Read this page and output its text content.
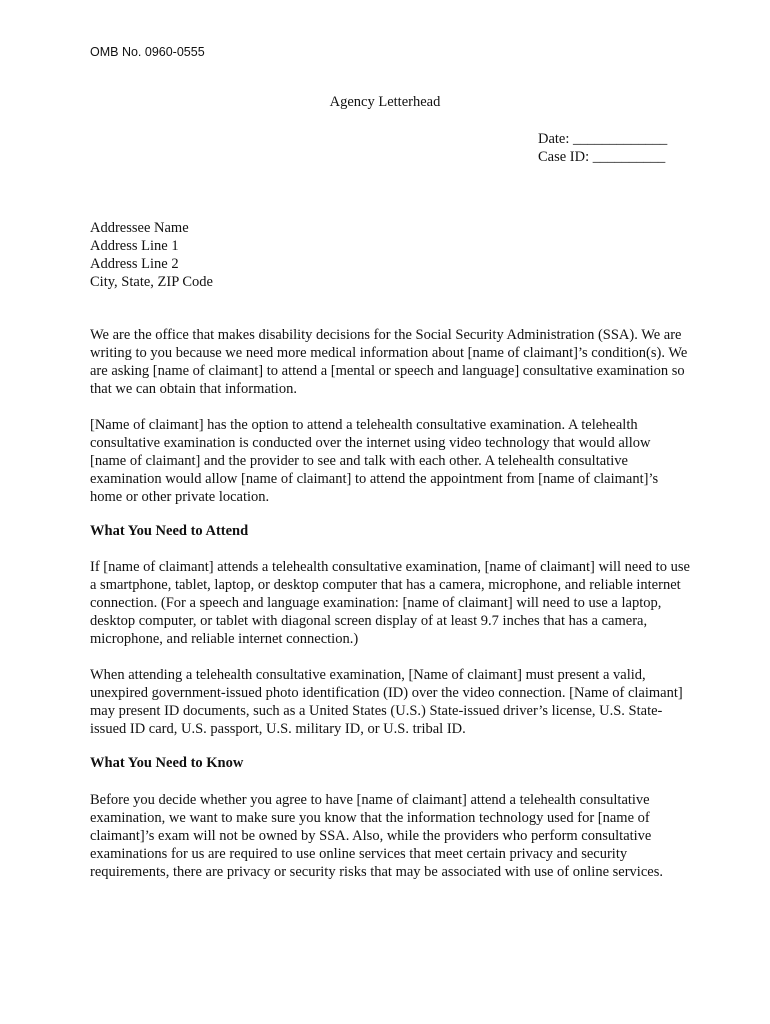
OMB No. 0960-0555
Agency Letterhead
Date: _____________
Case ID: __________
Addressee Name
Address Line 1
Address Line 2
City, State, ZIP Code

We are the office that makes disability decisions for the Social Security Administration (SSA). We are writing to you because we need more medical information about [name of claimant]’s condition(s). We are asking [name of claimant] to attend a [mental or speech and language] consultative examination so that we can obtain that information.

[Name of claimant] has the option to attend a telehealth consultative examination. A telehealth consultative examination is conducted over the internet using video technology that would allow [name of claimant] and the provider to see and talk with each other. A telehealth consultative examination would allow [name of claimant] to attend the appointment from [name of claimant]’s home or other private location.

What You Need to Attend

If [name of claimant] attends a telehealth consultative examination, [name of claimant] will need to use a smartphone, tablet, laptop, or desktop computer that has a camera, microphone, and reliable internet connection. (For a speech and language examination: [name of claimant] will need to use a laptop, desktop computer, or tablet with diagonal screen display of at least 9.7 inches that has a camera, microphone, and reliable internet connection.)

When attending a telehealth consultative examination, [Name of claimant] must present a valid, unexpired government-issued photo identification (ID) over the video connection. [Name of claimant] may present ID documents, such as a United States (U.S.) State-issued driver’s license, U.S. State-issued ID card, U.S. passport, U.S. military ID, or U.S. tribal ID.

What You Need to Know

Before you decide whether you agree to have [name of claimant] attend a telehealth consultative examination, we want to make sure you know that the information technology used for [name of claimant]’s exam will not be owned by SSA. Also, while the providers who perform consultative examinations for us are required to use online services that meet certain privacy and security requirements, there are privacy or security risks that may be associated with use of online services.
